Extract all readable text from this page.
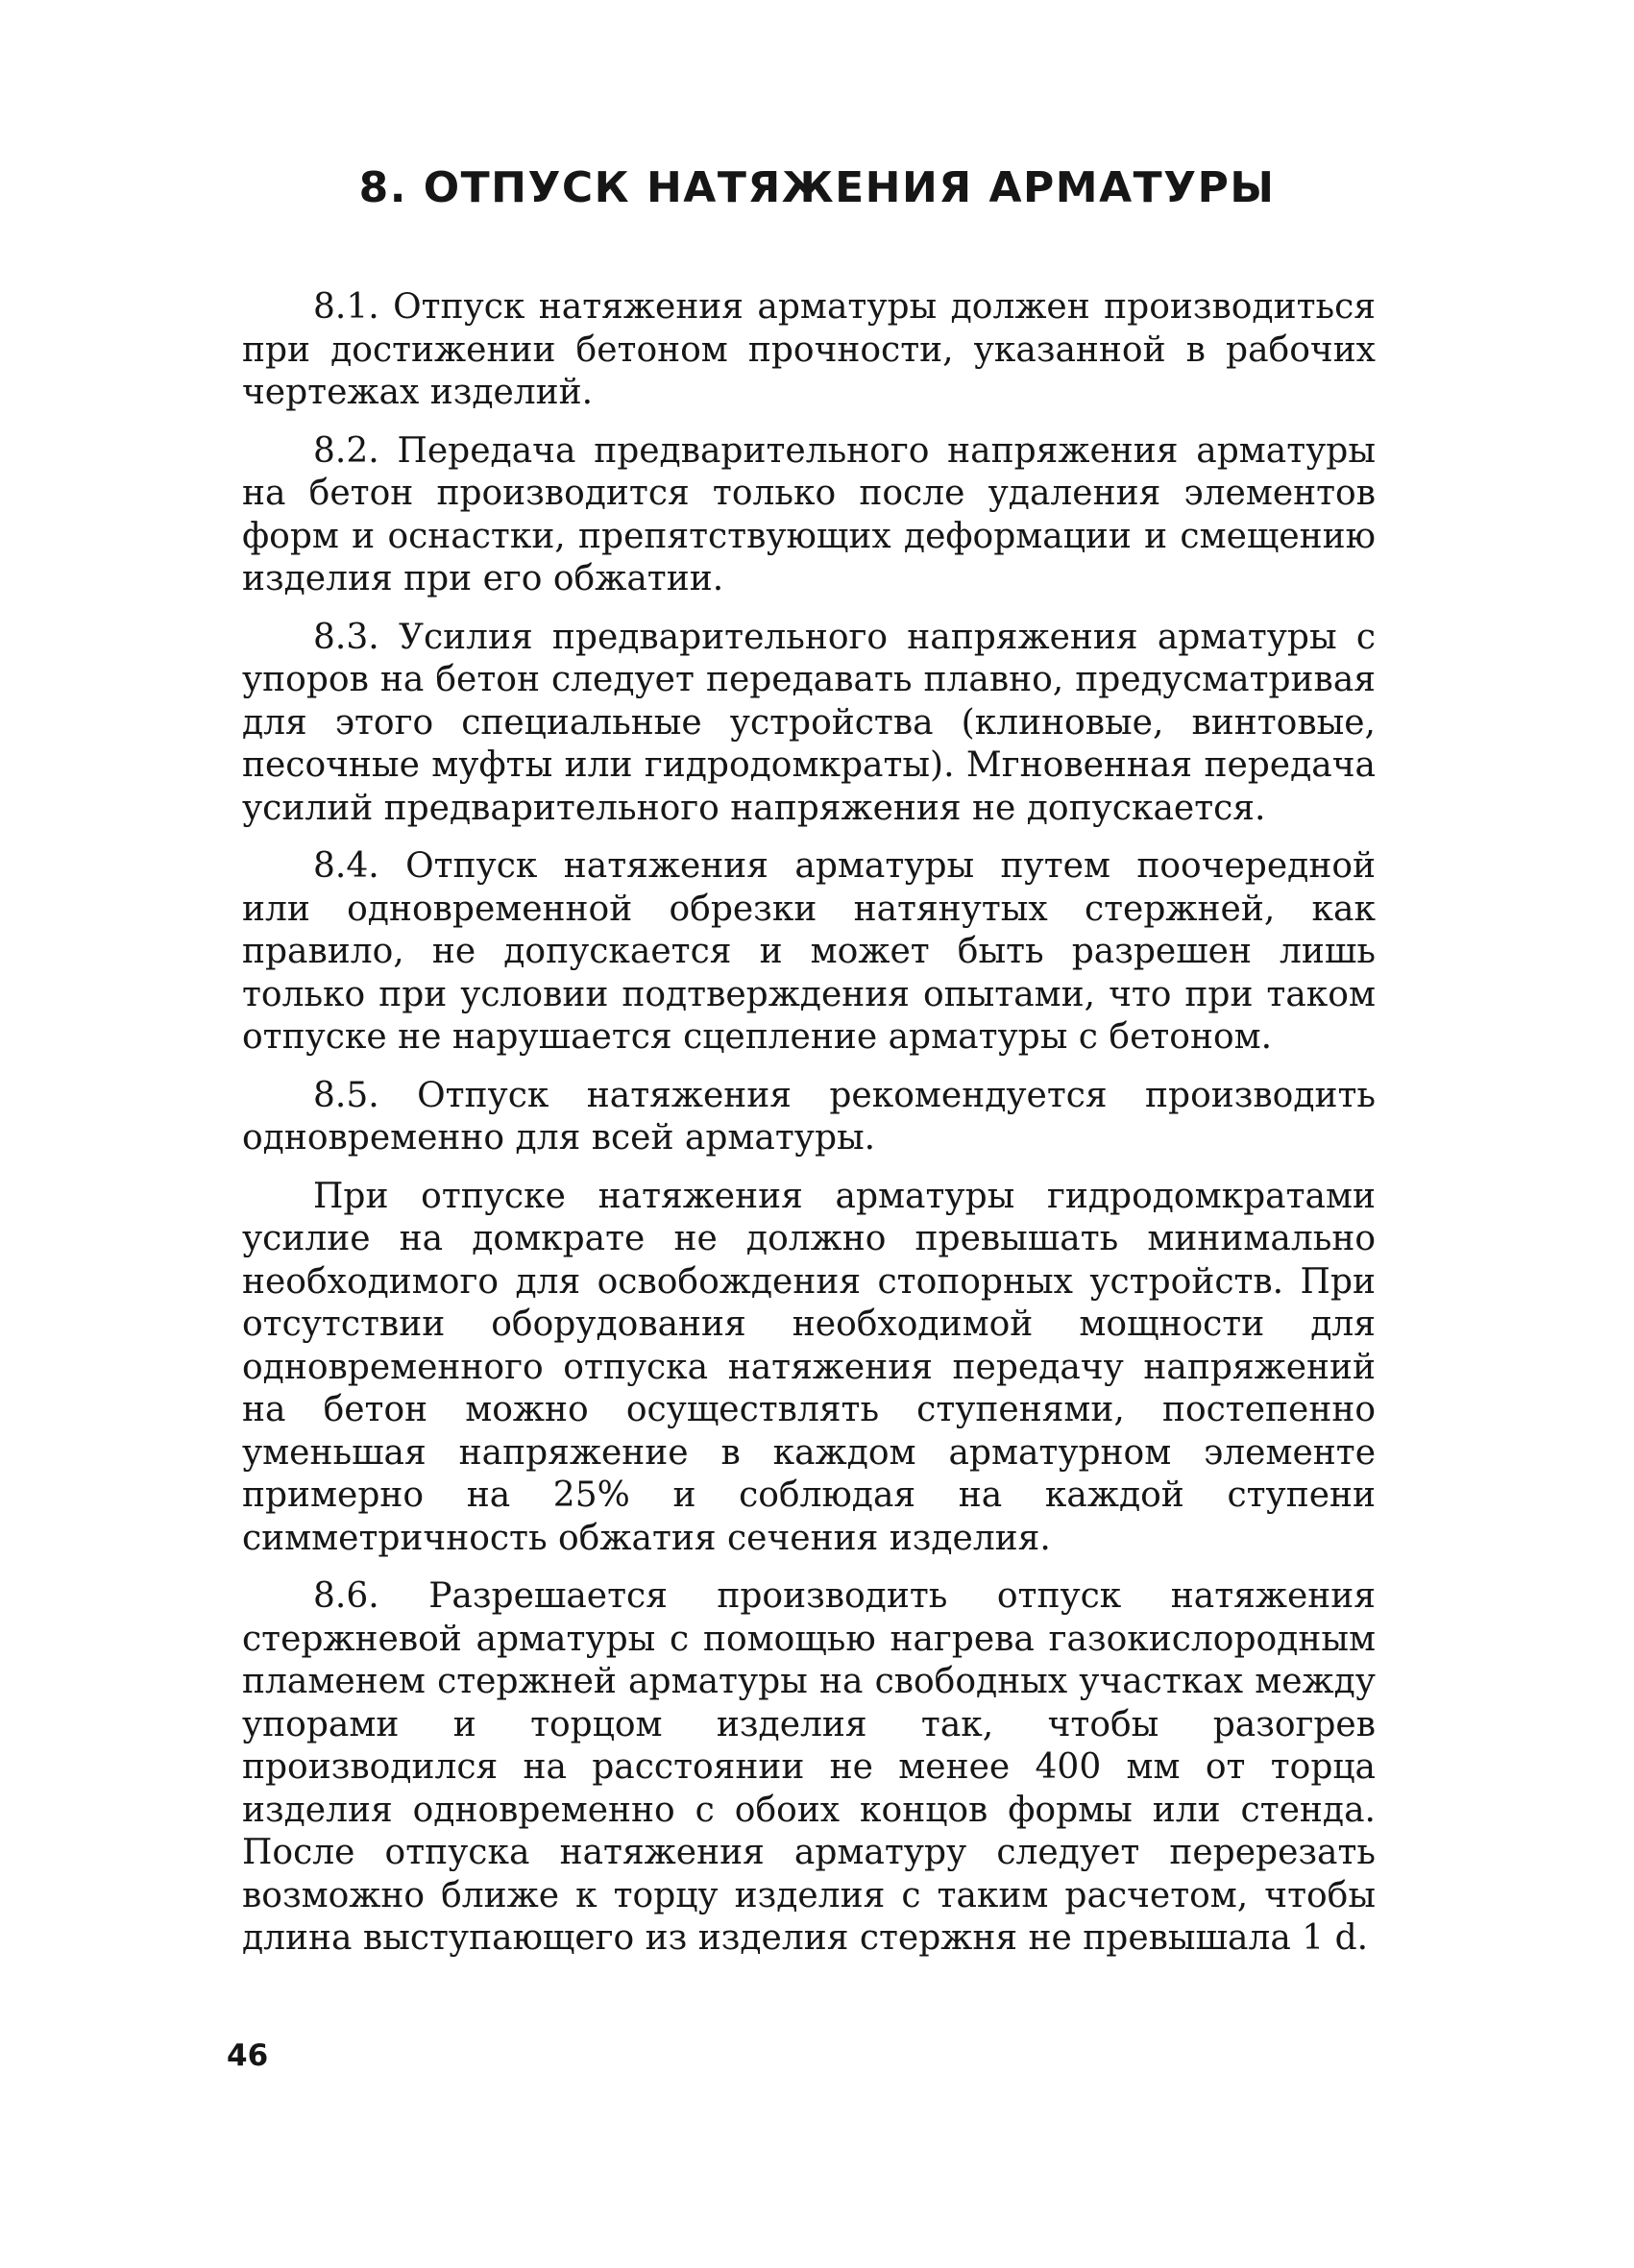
8. ОТПУСК НАТЯЖЕНИЯ АРМАТУРЫ

8.1. Отпуск натяжения арматуры должен производиться при достижении бетоном прочности, указанной в рабочих чертежах изделий.

8.2. Передача предварительного напряжения арматуры на бетон производится только после удаления элементов форм и оснастки, препятствующих деформации и смещению изделия при его обжатии.

8.3. Усилия предварительного напряжения арматуры с упоров на бетон следует передавать плавно, предусматривая для этого специальные устройства (клиновые, винтовые, песочные муфты или гидродомкраты). Мгновенная передача усилий предварительного напряжения не допускается.

8.4. Отпуск натяжения арматуры путем поочередной или одновременной обрезки натянутых стержней, как правило, не допускается и может быть разрешен лишь только при условии подтверждения опытами, что при таком отпуске не нарушается сцепление арматуры с бетоном.

8.5. Отпуск натяжения рекомендуется производить одновременно для всей арматуры.

При отпуске натяжения арматуры гидродомкратами усилие на домкрате не должно превышать минимально необходимого для освобождения стопорных устройств. При отсутствии оборудования необходимой мощности для одновременного отпуска натяжения передачу напряжений на бетон можно осуществлять ступенями, постепенно уменьшая напряжение в каждом арматурном элементе примерно на 25% и соблюдая на каждой ступени симметричность обжатия сечения изделия.

8.6. Разрешается производить отпуск натяжения стержневой арматуры с помощью нагрева газокислородным пламенем стержней арматуры на свободных участках между упорами и торцом изделия так, чтобы разогрев производился на расстоянии не менее 400 мм от торца изделия одновременно с обоих концов формы или стенда. После отпуска натяжения арматуру следует перерезать возможно ближе к торцу изделия с таким расчетом, чтобы длина выступающего из изделия стержня не превышала 1 d.

46
